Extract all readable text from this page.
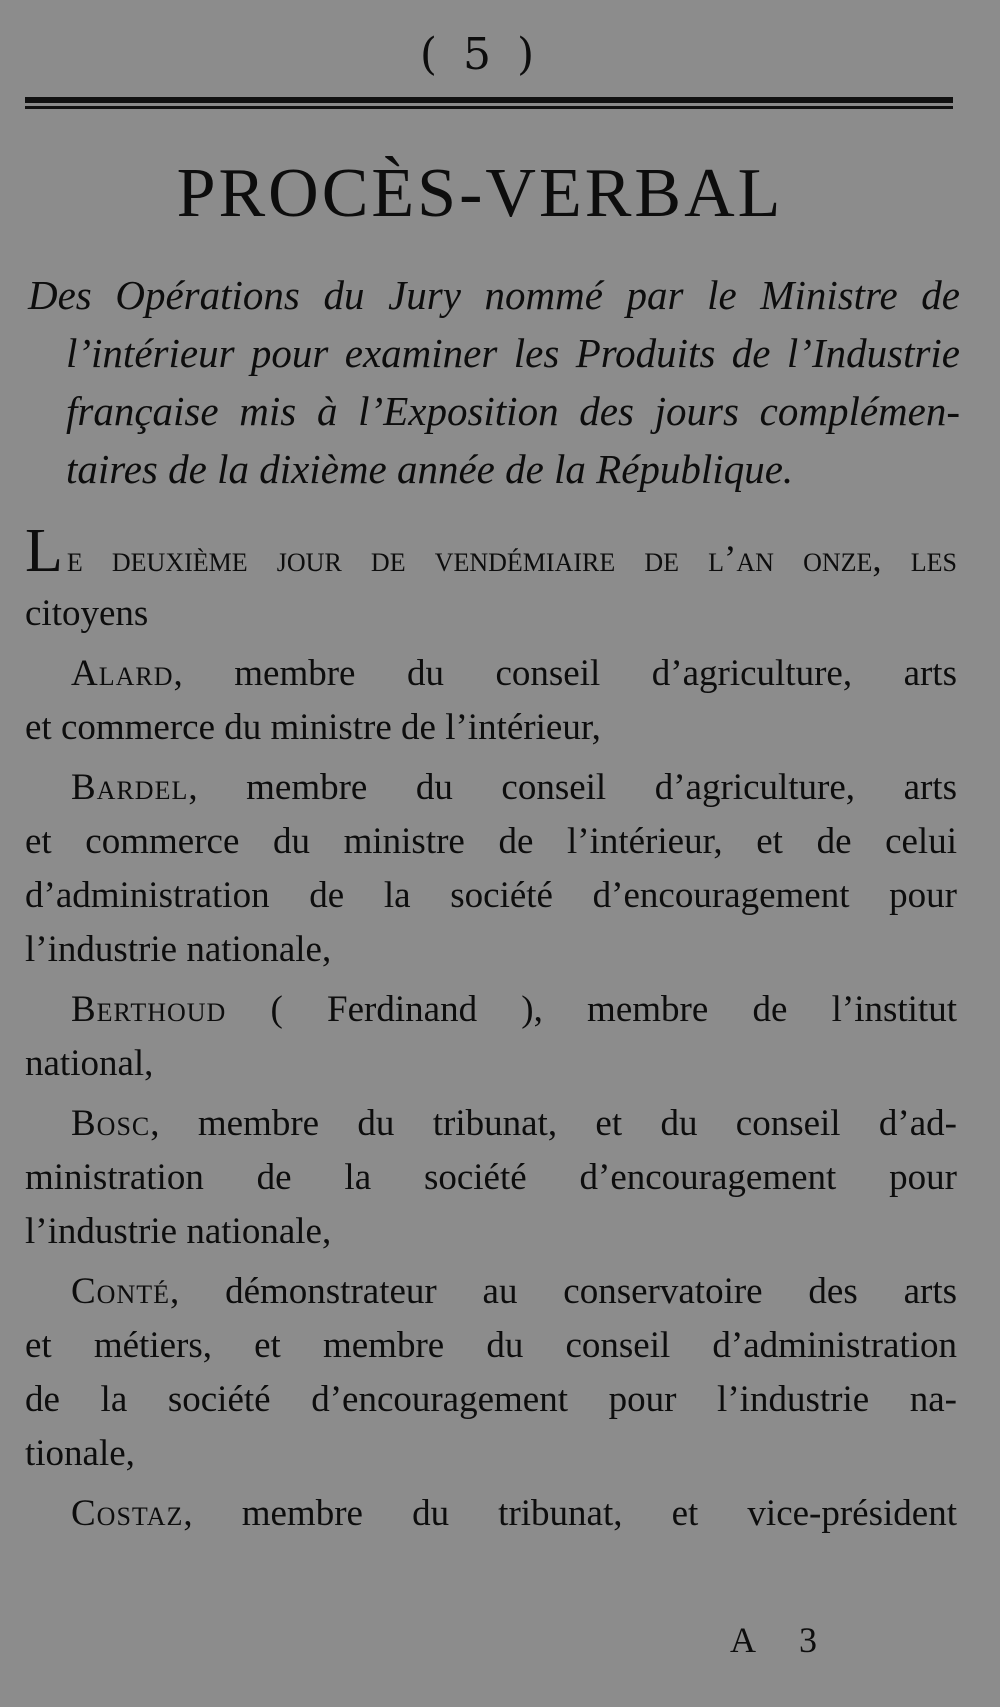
( 5 )
PROCÈS-VERBAL
Des Opérations du Jury nommé par le Ministre de
l’intérieur pour examiner les Produits de l’Industrie
française mis à l’Exposition des jours complémen-
taires de la dixième année de la République.
Le deuxième jour de vendémiaire de l’an onze, les
citoyens
Alard, membre du conseil d’agriculture, arts
et commerce du ministre de l’intérieur,
Bardel, membre du conseil d’agriculture, arts
et commerce du ministre de l’intérieur, et de celui
d’administration de la société d’encouragement pour
l’industrie nationale,
Berthoud ( Ferdinand ), membre de l’institut
national,
Bosc, membre du tribunat, et du conseil d’ad-
ministration de la société d’encouragement pour
l’industrie nationale,
Conté, démonstrateur au conservatoire des arts
et métiers, et membre du conseil d’administration
de la société d’encouragement pour l’industrie na-
tionale,
Costaz, membre du tribunat, et vice-président
A 3
